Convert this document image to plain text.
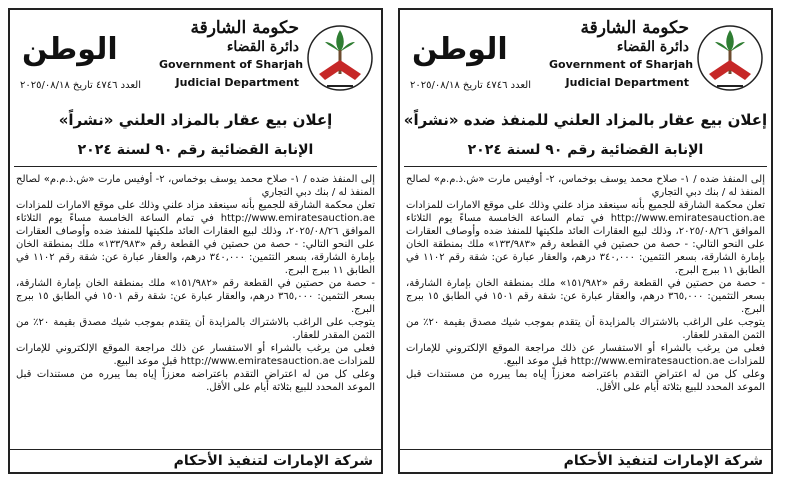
حكومة الشارقة
دائرة القضاء
Government of Sharjah
Judicial Department
الوطن
العدد ٤٧٤٦ تاريخ ٢٠٢٥/٠٨/١٨
إعلان بيع عقار بالمزاد العلني «نشراً»
الإنابة القضائية رقم ٩٠ لسنة ٢٠٢٤

إلى المنفذ ضده / ١- صلاح محمد يوسف بوخماس، ٢- أوفيس مارت «ش.ذ.م.م» لصالح المنفذ له / بنك دبي التجاري

تعلن محكمة الشارقة للجميع بأنه سينعقد مزاد علني وذلك على موقع الامارات للمزادات http://www.emiratesauction.ae في تمام الساعة الخامسة مساءً يوم الثلاثاء الموافق ٢٠٢٥/٠٨/٢٦، وذلك لبيع العقارات العائد ملكيتها للمنفذ ضده وأوصاف العقارات على النحو التالي: - حصة من حصتين في القطعة رقم «١٣٣/٩٨٣» ملك بمنطقة الخان بإمارة الشارقة، بسعر التثمين: ٣٤٠,٠٠٠ درهم، والعقار عبارة عن: شقة رقم ١١٠٢ في الطابق ١١ ببرج البرج.

- حصة من حصتين في القطعة رقم «١٥١/٩٨٢» ملك بمنطقة الخان بإمارة الشارقة، بسعر التثمين: ٣٦٥,٠٠٠ درهم، والعقار عبارة عن: شقة رقم ١٥٠١ في الطابق ١٥ ببرج البرج.

يتوجب على الراغب بالاشتراك بالمزايدة أن يتقدم بموجب شيك مصدق بقيمة ٢٠٪ من الثمن المقدر للعقار.

فعلى من يرغب بالشراء أو الاستفسار عن ذلك مراجعة الموقع الإلكتروني للإمارات للمزادات http://www.emiratesauction.ae قبل موعد البيع.

وعلى كل من له اعتراض التقدم باعتراضه معززاً إياه بما يبرره من مستندات قبل الموعد المحدد للبيع بثلاثة أيام على الأقل.

شركة الإمارات لتنفيذ الأحكام
حكومة الشارقة
دائرة القضاء
Government of Sharjah
Judicial Department
الوطن
العدد ٤٧٤٦ تاريخ ٢٠٢٥/٠٨/١٨
إعلان بيع عقار بالمزاد العلني للمنفذ ضده «نشراً»
الإنابة القضائية رقم ٩٠ لسنة ٢٠٢٤

إلى المنفذ ضده / ١- صلاح محمد يوسف بوخماس، ٢- أوفيس مارت «ش.ذ.م.م» لصالح المنفذ له / بنك دبي التجاري

تعلن محكمة الشارقة للجميع بأنه سينعقد مزاد علني وذلك على موقع الامارات للمزادات http://www.emiratesauction.ae في تمام الساعة الخامسة مساءً يوم الثلاثاء الموافق ٢٠٢٥/٠٨/٢٦، وذلك لبيع العقارات العائد ملكيتها للمنفذ ضده وأوصاف العقارات على النحو التالي: - حصة من حصتين في القطعة رقم «١٣٣/٩٨٣» ملك بمنطقة الخان بإمارة الشارقة، بسعر التثمين: ٣٤٠,٠٠٠ درهم، والعقار عبارة عن: شقة رقم ١١٠٢ في الطابق ١١ ببرج البرج.

- حصة من حصتين في القطعة رقم «١٥١/٩٨٢» ملك بمنطقة الخان بإمارة الشارقة، بسعر التثمين: ٣٦٥,٠٠٠ درهم، والعقار عبارة عن: شقة رقم ١٥٠١ في الطابق ١٥ ببرج البرج.

يتوجب على الراغب بالاشتراك بالمزايدة أن يتقدم بموجب شيك مصدق بقيمة ٢٠٪ من الثمن المقدر للعقار.

فعلى من يرغب بالشراء أو الاستفسار عن ذلك مراجعة الموقع الإلكتروني للإمارات للمزادات http://www.emiratesauction.ae قبل موعد البيع.

وعلى كل من له اعتراض التقدم باعتراضه معززاً إياه بما يبرره من مستندات قبل الموعد المحدد للبيع بثلاثة أيام على الأقل.

شركة الإمارات لتنفيذ الأحكام
